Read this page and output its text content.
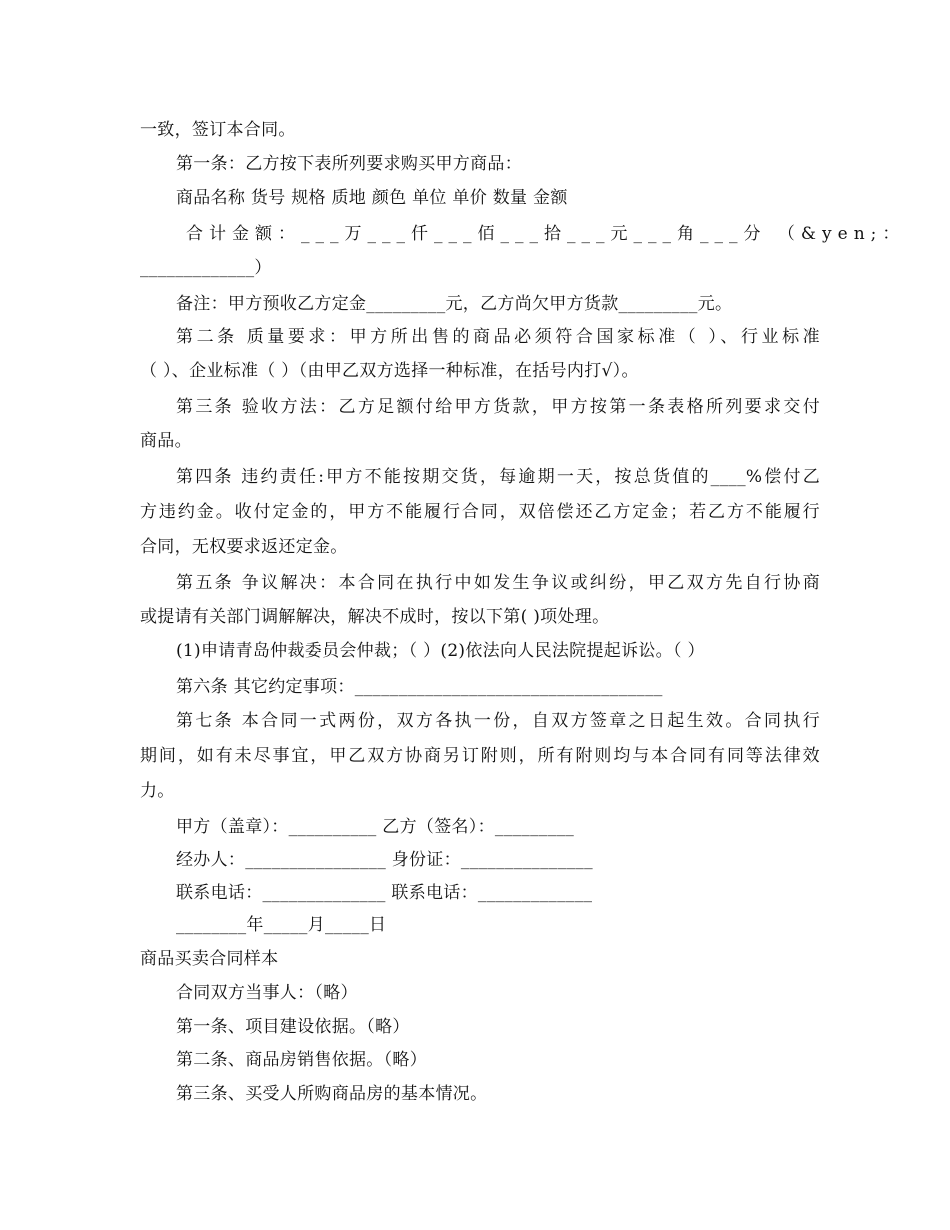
一致，签订本合同。
第一条：乙方按下表所列要求购买甲方商品：
商品名称 货号 规格 质地 颜色 单位 单价 数量 金额
合计金额：___万___仟___佰___拾___元___角___分 （&yen;：
_____________）
备注：甲方预收乙方定金_________元，乙方尚欠甲方货款_________元。
第二条 质量要求：甲方所出售的商品必须符合国家标准（ ）、行业标准
（ ）、企业标准（ ）（由甲乙双方选择一种标准，在括号内打√）。
第三条 验收方法：乙方足额付给甲方货款，甲方按第一条表格所列要求交付
商品。
第四条 违约责任:甲方不能按期交货，每逾期一天，按总货值的____%偿付乙
方违约金。收付定金的，甲方不能履行合同，双倍偿还乙方定金；若乙方不能履行
合同，无权要求返还定金。
第五条 争议解决：本合同在执行中如发生争议或纠纷，甲乙双方先自行协商
或提请有关部门调解解决，解决不成时，按以下第( )项处理。
(1)申请青岛仲裁委员会仲裁；（ ）(2)依法向人民法院提起诉讼。（ ）
第六条 其它约定事项：___________________________________
第七条 本合同一式两份，双方各执一份，自双方签章之日起生效。合同执行
期间，如有未尽事宜，甲乙双方协商另订附则，所有附则均与本合同有同等法律效
力。
甲方（盖章）：__________ 乙方（签名）：_________
经办人：________________ 身份证：_______________
联系电话：______________ 联系电话：_____________
________年_____月_____日
商品买卖合同样本
合同双方当事人：（略）
第一条、项目建设依据。（略）
第二条、商品房销售依据。（略）
第三条、买受人所购商品房的基本情况。
